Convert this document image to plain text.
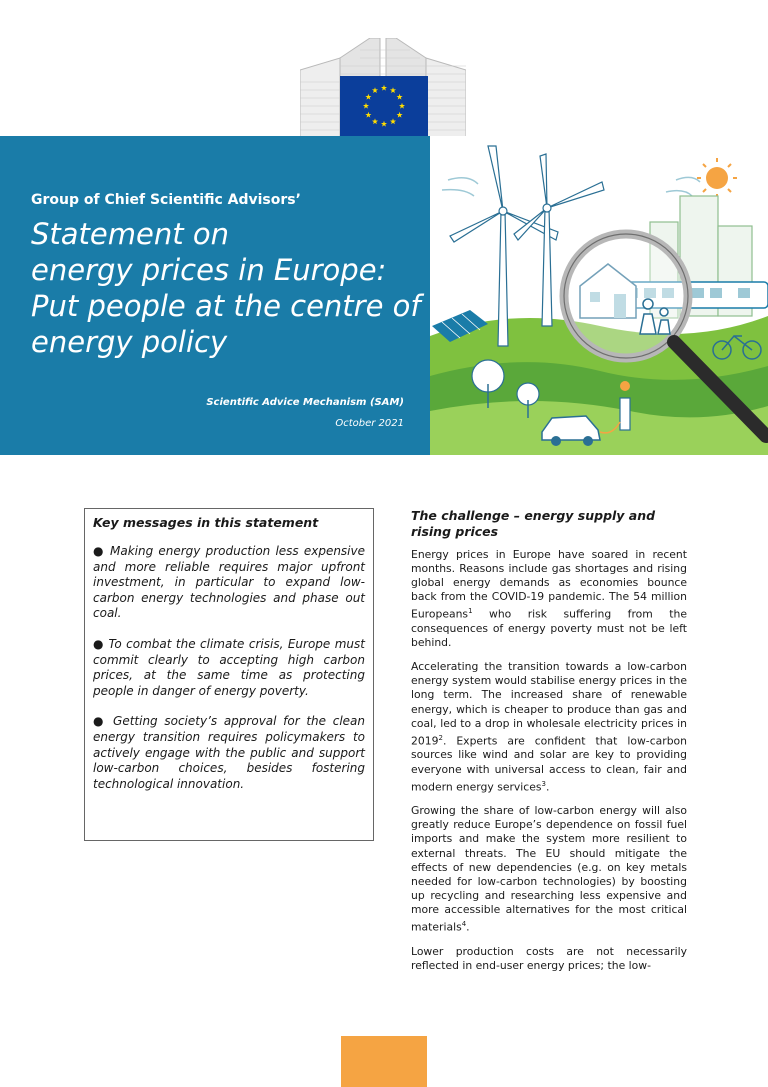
Group of Chief Scientific Advisors’
Statement on
energy prices in Europe:
Put people at the centre of
energy policy
Scientific Advice Mechanism (SAM)
October 2021
Key messages in this statement

● Making energy production less expensive and more reliable requires major upfront investment, in particular to expand low-carbon energy technologies and phase out coal.

● To combat the climate crisis, Europe must commit clearly to accepting high carbon prices, at the same time as protecting people in danger of energy poverty.

● Getting society’s approval for the clean energy transition requires policymakers to actively engage with the public and support low-carbon choices, besides fostering technological innovation.

The challenge – energy supply and rising prices

Energy prices in Europe have soared in recent months. Reasons include gas shortages and rising global energy demands as economies bounce back from the COVID-19 pandemic. The 54 million Europeans$^1$ who risk suffering from the consequences of energy poverty must not be left behind.

Accelerating the transition towards a low-carbon energy system would stabilise energy prices in the long term. The increased share of renewable energy, which is cheaper to produce than gas and coal, led to a drop in wholesale electricity prices in 2019$^2$. Experts are confident that low-carbon sources like wind and solar are key to providing everyone with universal access to clean, fair and modern energy services$^3$.

Growing the share of low-carbon energy will also greatly reduce Europe’s dependence on fossil fuel imports and make the system more resilient to external threats. The EU should mitigate the effects of new dependencies (e.g. on key metals needed for low-carbon technologies) by boosting up recycling and researching less expensive and more accessible alternatives for the most critical materials$^4$.

Lower production costs are not necessarily reflected in end-user energy prices; the low-
